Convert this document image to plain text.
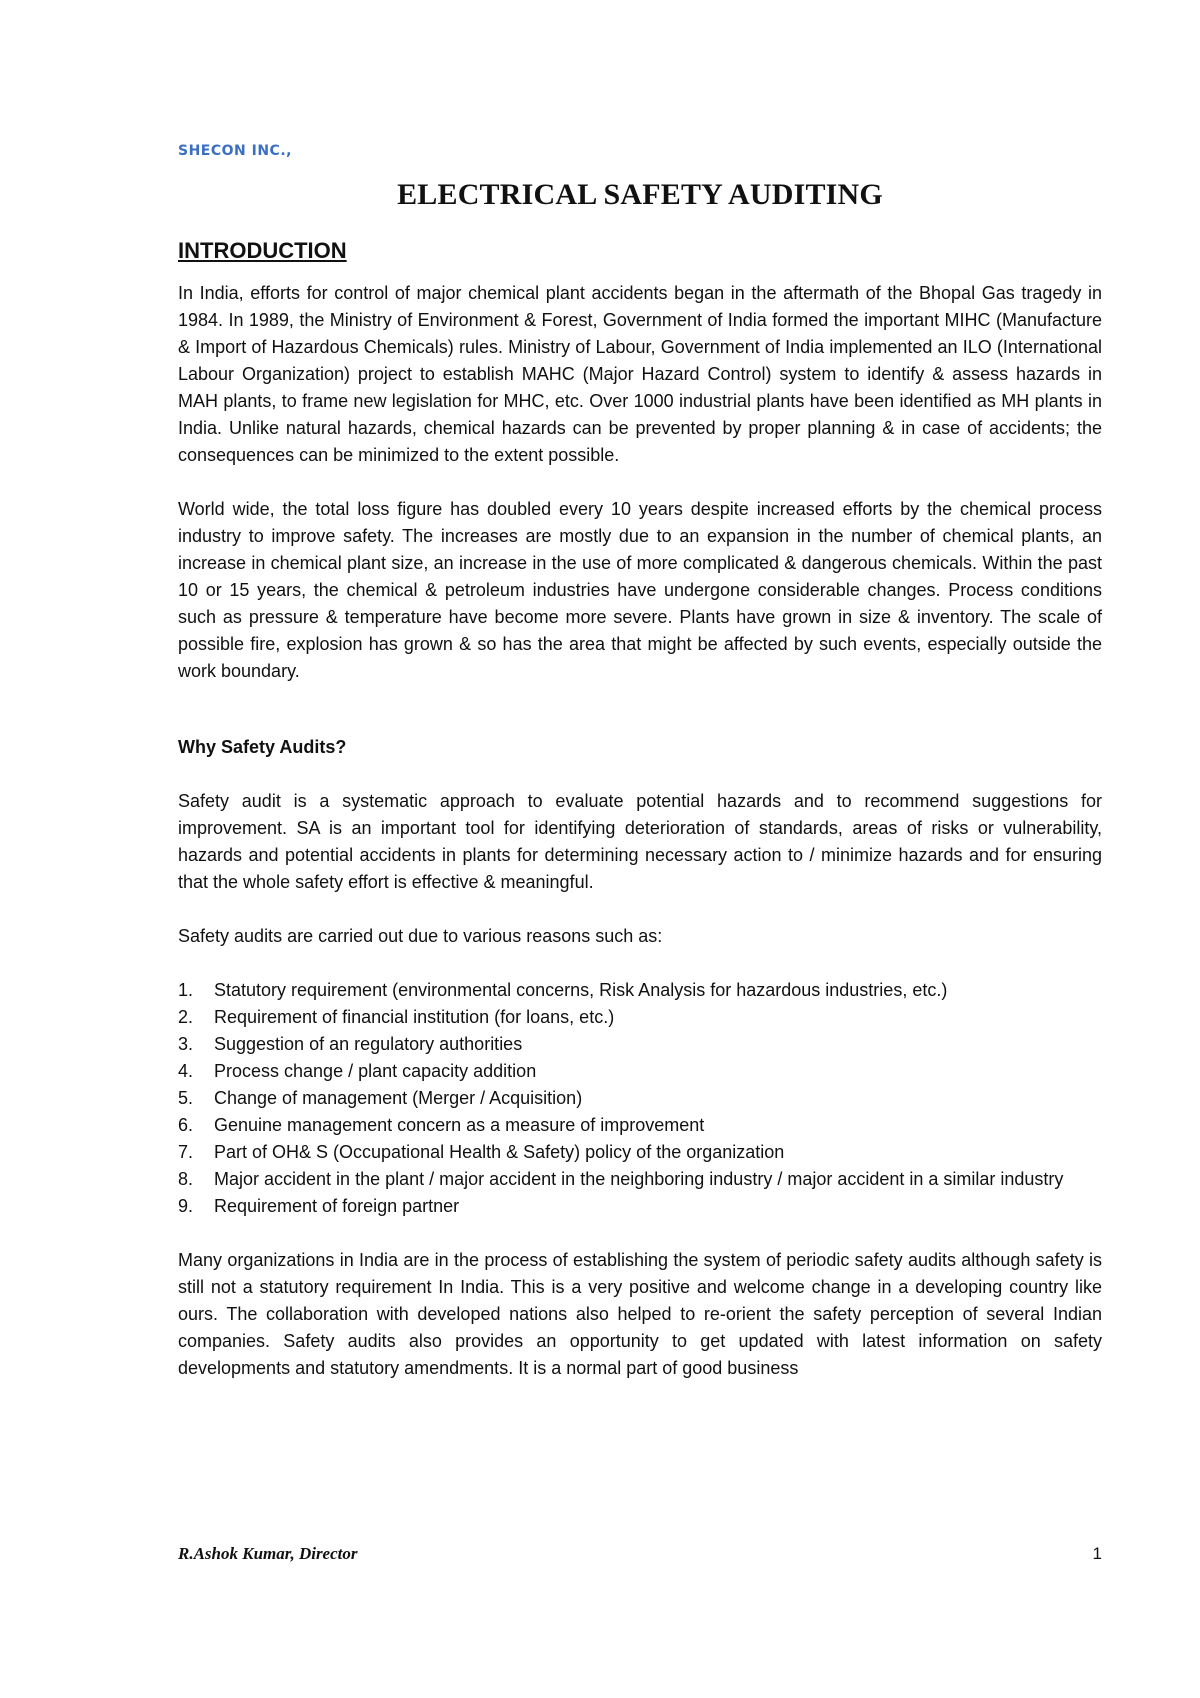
SHECON INC.,
ELECTRICAL SAFETY AUDITING
INTRODUCTION

In India, efforts for control of major chemical plant accidents began in the aftermath of the Bhopal Gas tragedy in 1984. In 1989, the Ministry of Environment & Forest, Government of India formed the important MIHC (Manufacture & Import of Hazardous Chemicals) rules. Ministry of Labour, Government of India implemented an ILO (International Labour Organization) project to establish MAHC (Major Hazard Control) system to identify & assess hazards in MAH plants, to frame new legislation for MHC, etc. Over 1000 industrial plants have been identified as MH plants in India. Unlike natural hazards, chemical hazards can be prevented by proper planning & in case of accidents; the consequences can be minimized to the extent possible.

World wide, the total loss figure has doubled every 10 years despite increased efforts by the chemical process industry to improve safety. The increases are mostly due to an expansion in the number of chemical plants, an increase in chemical plant size, an increase in the use of more complicated & dangerous chemicals. Within the past 10 or 15 years, the chemical & petroleum industries have undergone considerable changes. Process conditions such as pressure & temperature have become more severe. Plants have grown in size & inventory. The scale of possible fire, explosion has grown & so has the area that might be affected by such events, especially outside the work boundary.

Why Safety Audits?

Safety audit is a systematic approach to evaluate potential hazards and to recommend suggestions for improvement. SA is an important tool for identifying deterioration of standards, areas of risks or vulnerability, hazards and potential accidents in plants for determining necessary action to / minimize hazards and for ensuring that the whole safety effort is effective & meaningful.

Safety audits are carried out due to various reasons such as:

1.	Statutory requirement (environmental concerns, Risk Analysis for hazardous industries, etc.)
2.	Requirement of financial institution (for loans, etc.)
3.	Suggestion of an regulatory authorities
4.	Process change / plant capacity addition
5.	Change of management (Merger / Acquisition)
6.	Genuine management concern as a measure of improvement
7.	Part of OH& S (Occupational Health & Safety) policy of the organization
8.	Major accident in the plant / major accident in the neighboring industry / major accident in a similar industry
9.	Requirement of foreign partner

Many organizations in India are in the process of establishing the system of periodic safety audits although safety is still not a statutory requirement In India. This is a very positive and welcome change in a developing country like ours. The collaboration with developed nations also helped to re-orient the safety perception of several Indian companies. Safety audits also provides an opportunity to get updated with latest information on safety developments and statutory amendments. It is a normal part of good business

R.Ashok Kumar, Director	1
